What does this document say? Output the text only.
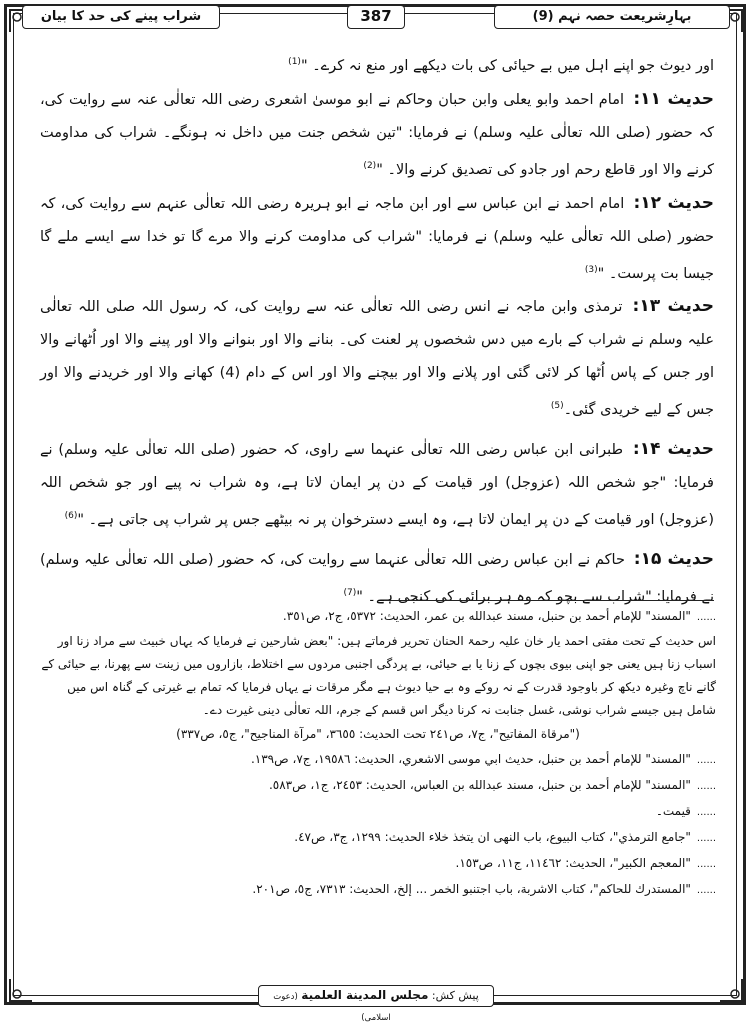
بہارِشریعت حصہ نہم (9)
387
شراب پینے کی حد کا بیان

اور دیوث جو اپنے اہل میں بے حیائی کی بات دیکھے اور منع نہ کرے۔ "$^{(1)}$

حدیث ۱۱: امام احمد وابو یعلی وابن حبان وحاکم نے ابو موسیٰ اشعری رضی اللہ تعالٰی عنہ سے روایت کی، کہ حضور (صلی اللہ تعالٰی علیہ وسلم) نے فرمایا: "تین شخص جنت میں داخل نہ ہونگے۔ شراب کی مداومت کرنے والا اور قاطع رحم اور جادو کی تصدیق کرنے والا۔ "$^{(2)}$

حدیث ۱۲: امام احمد نے ابن عباس سے اور ابن ماجہ نے ابو ہریرہ رضی اللہ تعالٰی عنہم سے روایت کی، کہ حضور (صلی اللہ تعالٰی علیہ وسلم) نے فرمایا: "شراب کی مداومت کرنے والا مرے گا تو خدا سے ایسے ملے گا جیسا بت پرست۔ "$^{(3)}$

حدیث ۱۳: ترمذی وابن ماجہ نے انس رضی اللہ تعالٰی عنہ سے روایت کی، کہ رسول اللہ صلی اللہ تعالٰی علیہ وسلم نے شراب کے بارے میں دس شخصوں پر لعنت کی۔ بنانے والا اور بنوانے والا اور پینے والا اور اُٹھانے والا اور جس کے پاس اُٹھا کر لائی گئی اور پلانے والا اور بیچنے والا اور اس کے دام (4) کھانے والا اور خریدنے والا اور جس کے لیے خریدی گئی۔$^{(5)}$

حدیث ۱۴: طبرانی ابن عباس رضی اللہ تعالٰی عنہما سے راوی، کہ حضور (صلی اللہ تعالٰی علیہ وسلم) نے فرمایا: "جو شخص اللہ (عزوجل) اور قیامت کے دن پر ایمان لاتا ہے، وہ شراب نہ پیے اور جو شخص اللہ (عزوجل) اور قیامت کے دن پر ایمان لاتا ہے، وہ ایسے دسترخوان پر نہ بیٹھے جس پر شراب پی جاتی ہے۔ "$^{(6)}$

حدیث ۱۵: حاکم نے ابن عباس رضی اللہ تعالٰی عنہما سے روایت کی، کہ حضور (صلی اللہ تعالٰی علیہ وسلم) نے فرمایا: "شراب سے بچو کہ وہ ہر برائی کی کنجی ہے۔ "$^{(7)}$

......"المسند" للإمام أحمد بن حنبل، مسند عبدالله بن عمر، الحديث: ٥٣٧٢، ج٢، ص٣٥١.

اس حدیث کے تحت مفتی احمد یار خان علیہ رحمۃ الحنان تحریر فرماتے ہیں: "بعض شارحین نے فرمایا کہ یہاں خبیث سے مراد زنا اور اسباب زنا ہیں یعنی جو اپنی بیوی بچوں کے زنا یا بے حیائی، بے پردگی اجنبی مردوں سے اختلاط، بازاروں میں زینت سے پھرنا، بے حیائی کے گانے ناچ وغیرہ دیکھ کر باوجود قدرت کے نہ روکے وہ بے حیا دیوث ہے مگر مرقات نے یہاں فرمایا کہ تمام بے غیرتی کے گناہ اس میں شامل ہیں جیسے شراب نوشی، غسل جنابت نہ کرنا دیگر اس قسم کے جرم، اللہ تعالٰی دینی غیرت دے۔

("مرقاة المفاتيح"، ج٧، ص٢٤١ تحت الحديث: ٣٦٥٥، "مرآة المناجيح"، ج٥، ص٣٣٧)

......"المسند" للإمام أحمد بن حنبل، حديث ابي موسى الاشعري، الحديث: ١٩٥٨٦، ج٧، ص١٣٩.

......"المسند" للإمام أحمد بن حنبل، مسند عبدالله بن العباس، الحديث: ٢٤٥٣، ج١، ص٥٨٣.

......قیمت۔

......"جامع الترمذي"، كتاب البيوع، باب النهى ان يتخذ خلاء الحديث: ١٢٩٩، ج٣، ص٤٧.

......"المعجم الكبير"، الحديث: ١١٤٦٢، ج١١، ص١٥٣.

......"المستدرك للحاكم"، كتاب الاشربة، باب اجتنبو الخمر ... إلخ، الحديث: ٧٣١٣، ج٥، ص٢٠١.

پیش کش: مجلس المدينة العلمية (دعوت اسلامی)
